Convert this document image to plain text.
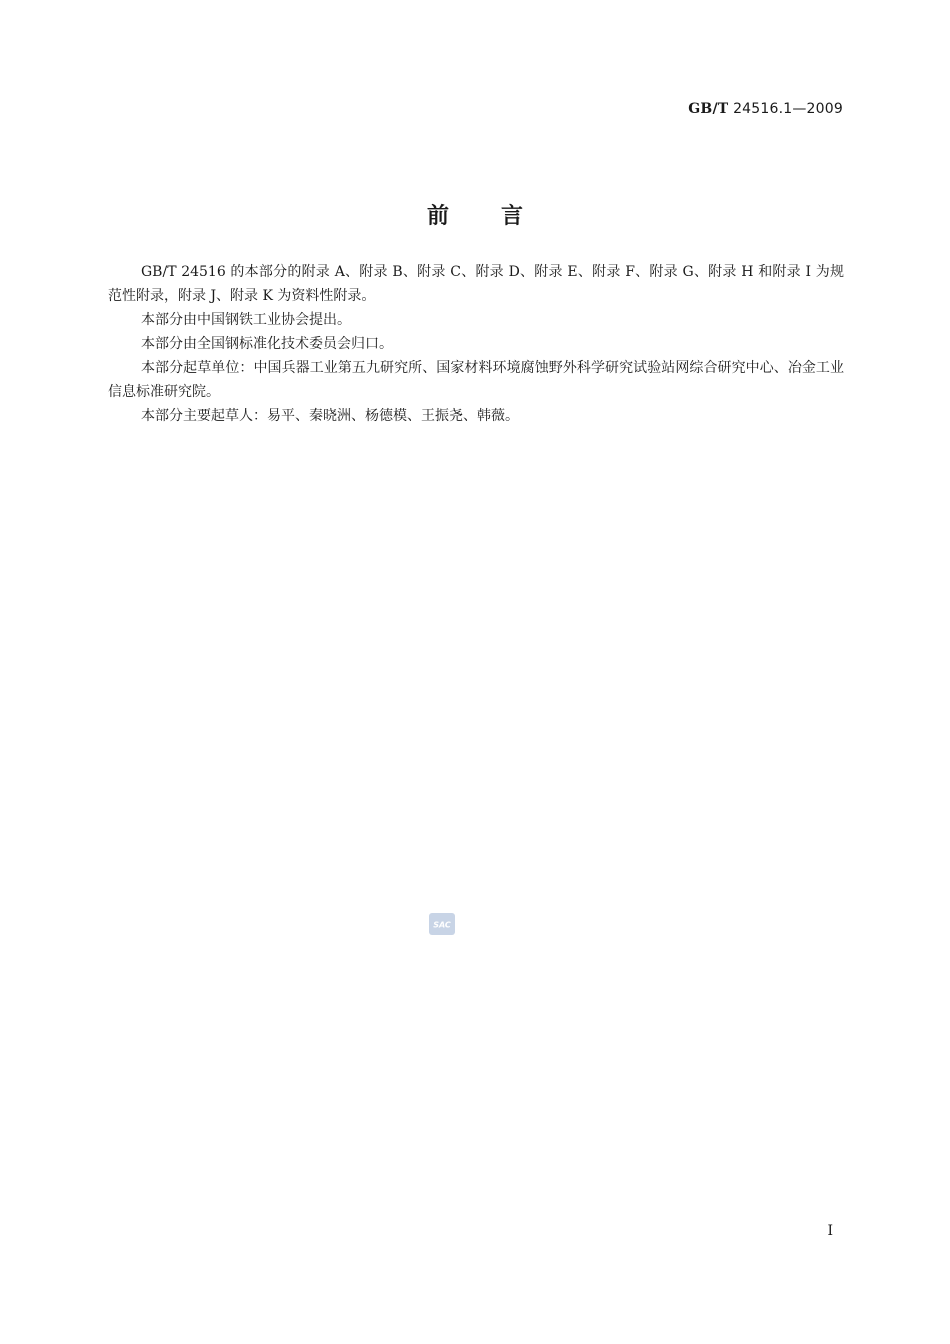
GB/T 24516.1—2009
前言

GB/T 24516 的本部分的附录 A、附录 B、附录 C、附录 D、附录 E、附录 F、附录 G、附录 H 和附录 I 为规范性附录，附录 J、附录 K 为资料性附录。

本部分由中国钢铁工业协会提出。

本部分由全国钢标准化技术委员会归口。

本部分起草单位：中国兵器工业第五九研究所、国家材料环境腐蚀野外科学研究试验站网综合研究中心、冶金工业信息标准研究院。

本部分主要起草人：易平、秦晓洲、杨德模、王振尧、韩薇。

SAC
I
